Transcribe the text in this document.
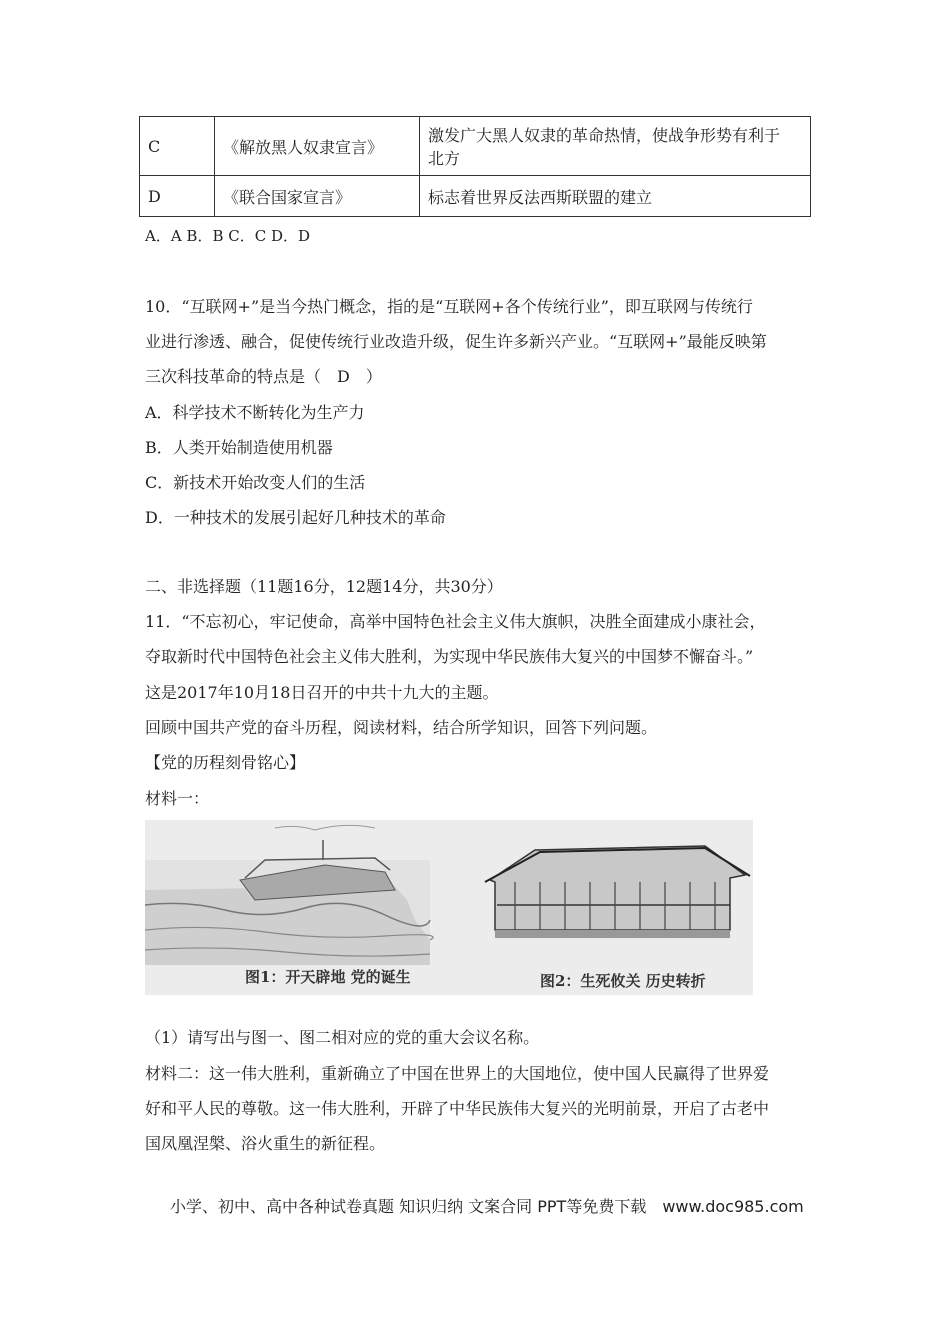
C	《解放黑人奴隶宣言》	激发广大黑人奴隶的革命热情，使战争形势有利于
北方

D	《联合国家宣言》	标志着世界反法西斯联盟的建立
A．A B．B C．C D．D
10．“互联网+”是当今热门概念，指的是“互联网+各个传统行业”，即互联网与传统行
业进行渗透、融合，促使传统行业改造升级，促生许多新兴产业。“互联网+”最能反映第
三次科技革命的特点是（　D　）
A．科学技术不断转化为生产力
B．人类开始制造使用机器
C．新技术开始改变人们的生活
D．一种技术的发展引起好几种技术的革命
二、非选择题（11题16分，12题14分，共30分）
11．“不忘初心，牢记使命，高举中国特色社会主义伟大旗帜，决胜全面建成小康社会，
夺取新时代中国特色社会主义伟大胜利，为实现中华民族伟大复兴的中国梦不懈奋斗。”
这是2017年10月18日召开的中共十九大的主题。
回顾中国共产党的奋斗历程，阅读材料，结合所学知识，回答下列问题。
【党的历程刻骨铭心】
材料一：
图1：开天辟地 党的诞生	图2：生死攸关 历史转折
（1）请写出与图一、图二相对应的党的重大会议名称。
材料二：这一伟大胜利，重新确立了中国在世界上的大国地位，使中国人民赢得了世界爱
好和平人民的尊敬。这一伟大胜利，开辟了中华民族伟大复兴的光明前景，开启了古老中
国凤凰涅槃、浴火重生的新征程。
小学、初中、高中各种试卷真题 知识归纳 文案合同 PPT等免费下载　www.doc985.com
